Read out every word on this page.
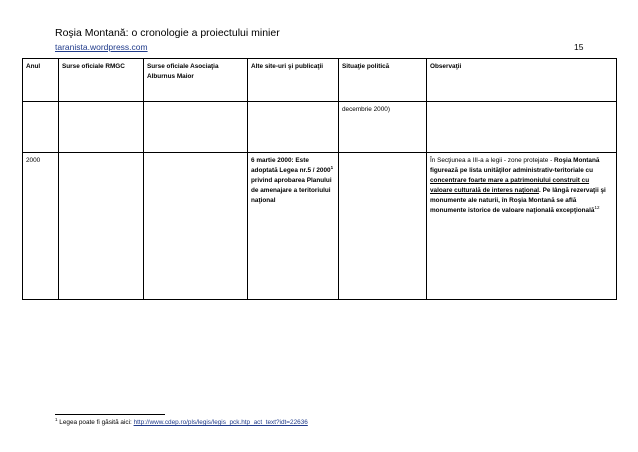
Roşia Montană: o cronologie a proiectului minier
taranista.wordpress.com	15
Anul	Surse oficiale RMGC	Surse oficiale Asociaţia Alburnus Maior	Alte site-uri şi publicaţii	Situaţie politică	Observaţii
				decembrie 2000)	
2000			6 martie 2000: Este adoptată Legea nr.5 / 2000$^1$ privind aprobarea Planului de amenajare a teritoriului naţional		În Secţiunea a III-a a legii - zone protejate - Roşia Montană figurează pe lista unităţilor administrativ-teritoriale cu concentrare foarte mare a patrimoniului construit cu valoare culturală de interes naţional. Pe lângă rezervaţii şi monumente ale naturii, în Roşia Montană se află monumente istorice de valoare naţională excepţională$^{12}$
$^1$ Legea poate fi găsită aici: http://www.cdep.ro/pls/legis/legis_pck.htp_act_text?idt=22636
